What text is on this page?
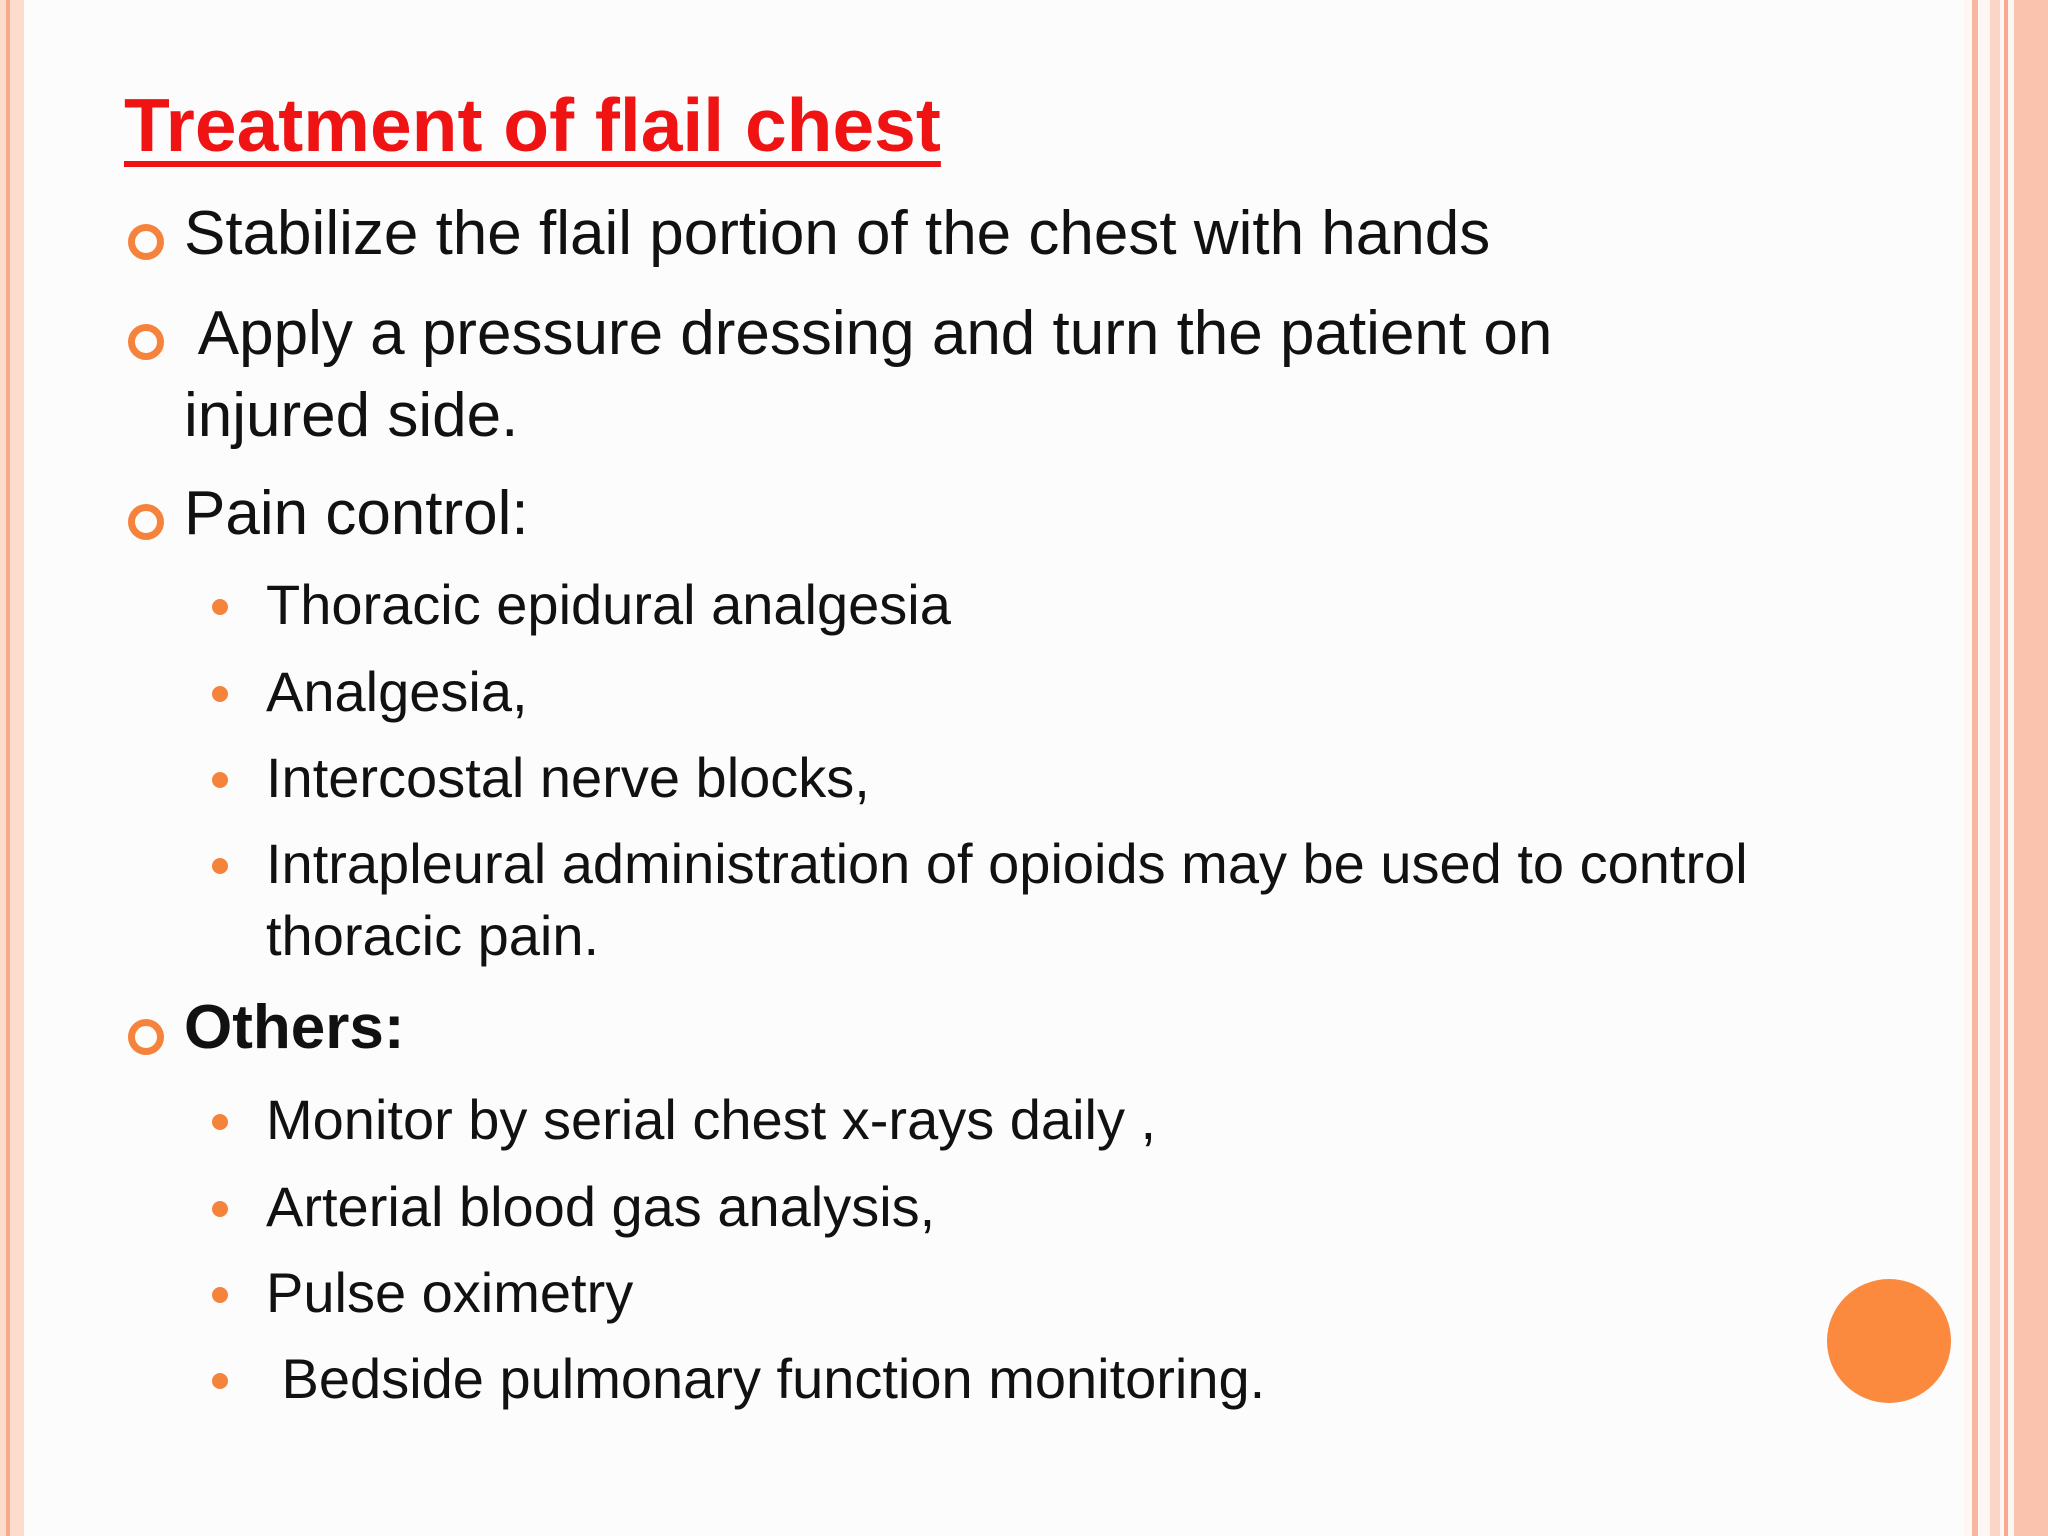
Treatment of flail chest
Stabilize the flail portion of the chest with hands
Apply a pressure dressing and turn the patient on
injured side.
Pain control:
Thoracic epidural analgesia
Analgesia,
Intercostal nerve blocks,
Intrapleural administration of opioids may be used to control
thoracic pain.
Others:
Monitor by serial chest x-rays daily ,
Arterial blood gas analysis,
Pulse oximetry
Bedside pulmonary function monitoring.
